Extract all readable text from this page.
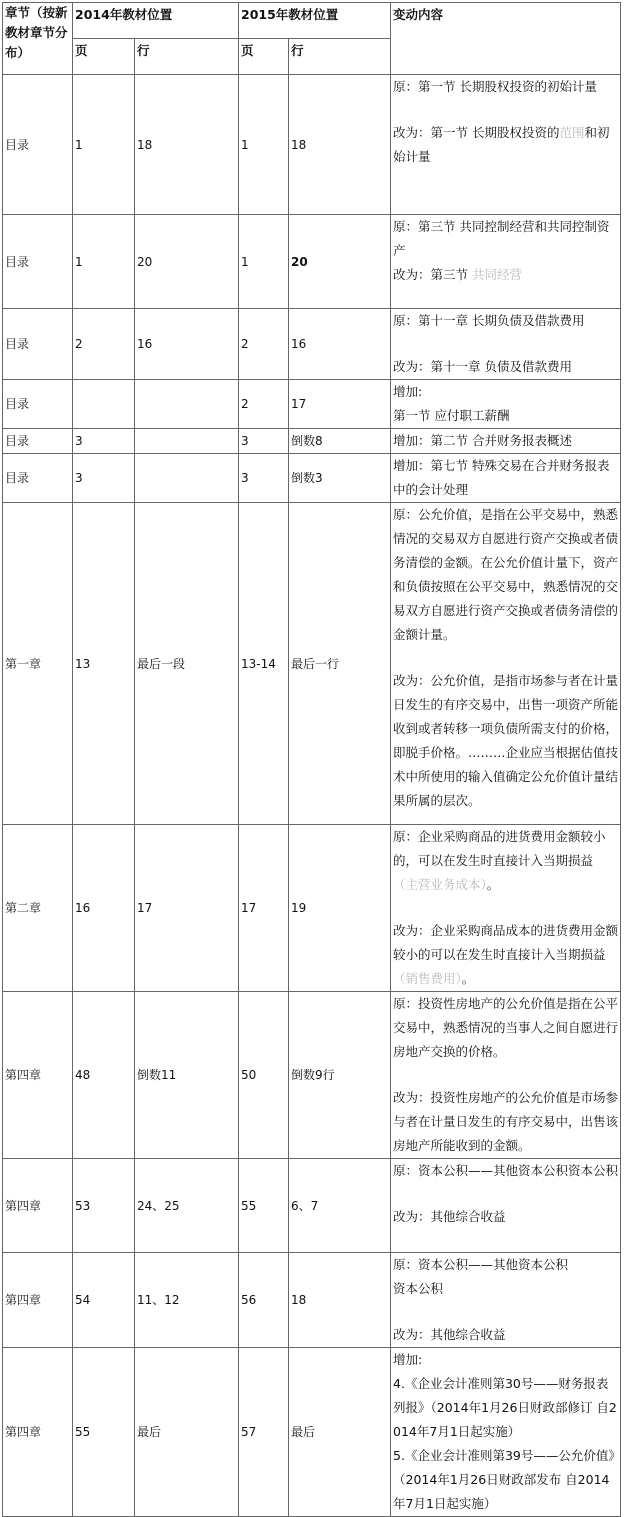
章节（按新教材章节分布）	2014年教材位置		2015年教材位置		变动内容
	页	行	页	行	
目录	1	18	1	18	原：第一节 长期股权投资的初始计量
改为：第一节 长期股权投资的范围和初始计量

目录	1	20	1	20	原：第三节 共同控制经营和共同控制资产
改为：第三节 共同经营

目录	2	16	2	16	原：第十一章 长期负债及借款费用
改为：第十一章 负债及借款费用

目录			2	17	增加:
第一节 应付职工薪酬

目录	3		3	倒数8	增加：第二节 合并财务报表概述
目录	3		3	倒数3	增加：第七节 特殊交易在合并财务报表中的会计处理
第一章	13	最后一段	13-14	最后一行	原：公允价值，是指在公平交易中，熟悉情况的交易双方自愿进行资产交换或者债务清偿的金额。在公允价值计量下，资产和负债按照在公平交易中，熟悉情况的交易双方自愿进行资产交换或者债务清偿的金额计量。
改为：公允价值，是指市场参与者在计量日发生的有序交易中，出售一项资产所能收到或者转移一项负债所需支付的价格，即脱手价格。………企业应当根据估值技术中所使用的输入值确定公允价值计量结果所属的层次。

第二章	16	17	17	19	原：企业采购商品的进货费用金额较小的，可以在发生时直接计入当期损益（主营业务成本）。
改为：企业采购商品成本的进货费用金额较小的可以在发生时直接计入当期损益（销售费用）。

第四章	48	倒数11	50	倒数9行	原：投资性房地产的公允价值是指在公平交易中，熟悉情况的当事人之间自愿进行房地产交换的价格。
改为：投资性房地产的公允价值是市场参与者在计量日发生的有序交易中，出售该房地产所能收到的金额。

第四章	53	24、25	55	6、7	原：资本公积——其他资本公积资本公积
改为：其他综合收益

第四章	54	11、12	56	18	原：资本公积——其他资本公积
资本公积
改为：其他综合收益

第四章	55	最后	57	最后	增加:
4.《企业会计准则第30号——财务报表列报》（2014年1月26日财政部修订 自2014年7月1日起实施）
5.《企业会计准则第39号——公允价值》（2014年1月26日财政部发布 自2014年7月1日起实施）
